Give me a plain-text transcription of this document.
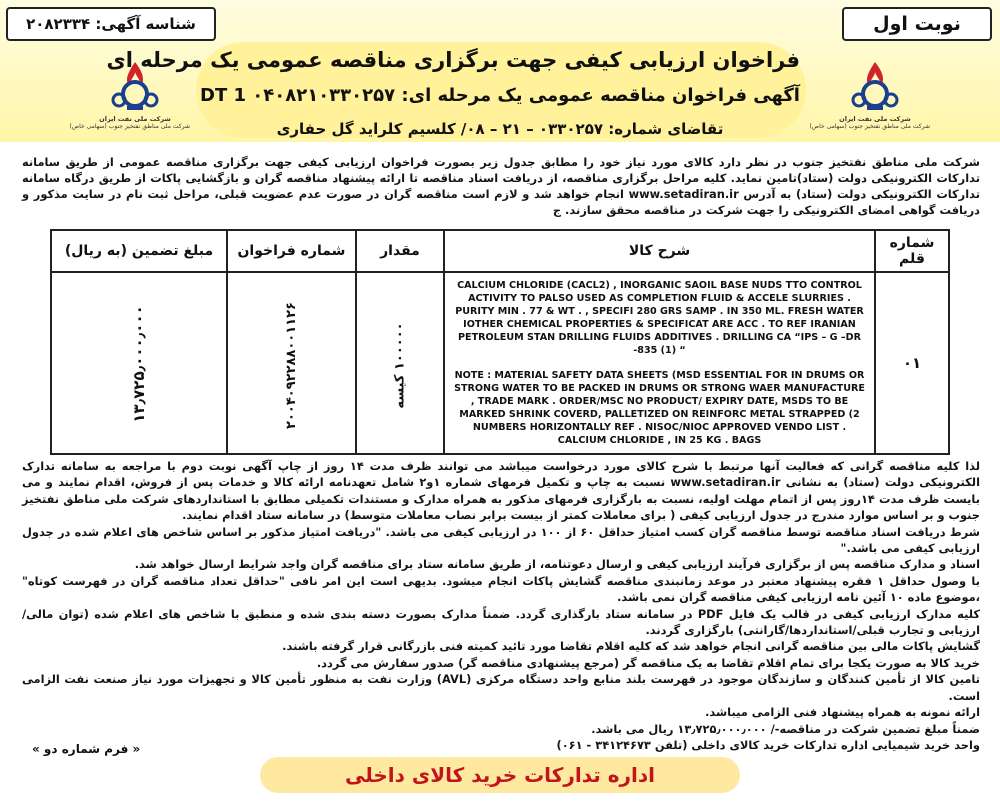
نوبت اول
شناسه آگهی: ۲۰۸۲۳۳۴
شرکت ملی نفت ایران
شرکت ملی مناطق نفتخیز جنوب (سهامی خاص)
شرکت ملی نفت ایران
شرکت ملی مناطق نفتخیز جنوب (سهامی خاص)
فراخوان ارزیابی کیفی جهت برگزاری مناقصه عمومی یک مرحله ای
آگهی فراخوان مناقصه عمومی یک مرحله ای: DT 1 ۰۴۰۸۲۱۰۳۳۰۲۵۷
تقاضای شماره: ۰۳۳۰۲۵۷ – ۲۱ – ۰۸/ کلسیم کلراید گل حفاری
شرکت ملی مناطق نفتخیز جنوب در نظر دارد کالای مورد نیاز خود را مطابق جدول زیر بصورت فراخوان ارزیابی کیفی جهت برگزاری مناقصه عمومی از طریق سامانه تدارکات الکترونیکی دولت (ستاد)تامین نماید. کلیه مراحل برگزاری مناقصه، از دریافت اسناد مناقصه تا ارائه پیشنهاد مناقصه گران و بازگشایی پاکات از طریق درگاه سامانه تدارکات الکترونیکی دولت (ستاد) به آدرس www.setadiran.ir انجام خواهد شد و لازم است مناقصه گران در صورت عدم عضویت قبلی، مراحل ثبت نام در سایت مذکور و دریافت گواهی امضای الکترونیکی را جهت شرکت در مناقصه محقق سازند. ج
شماره قلم	شرح کالا	مقدار	شماره فراخوان	مبلغ تضمین (به ریال)
۰۱	CALCIUM CHLORIDE (CACL2) , INORGANIC SAOIL BASE NUDS TTO CONTROL ACTIVITY TO PALSO USED AS COMPLETION FLUID & ACCELE SLURRIES . PURITY MIN . 77 & WT . , SPECIFI 280 GRS SAMP . IN 350 ML. FRESH WATER IOTHER CHEMICAL PROPERTIES & SPECIFICAT ARE ACC . TO REF IRANIAN PETROLEUM STAN DRILLING FLUIDS ADDITIVES . DRILLING CA “IPS – G –DR -835 (1) “

NOTE : MATERIAL SAFETY DATA SHEETS (MSD ESSENTIAL FOR IN DRUMS OR STRONG WATER TO BE PACKED IN DRUMS OR STRONG WAER MANUFACTURE , TRADE MARK . ORDER/MSC NO PRODUCT/ EXPIRY DATE, MSDS TO BE MARKED SHRINK COVERD, PALLETIZED ON REINFORC METAL STRAPPED (2 NUMBERS HORIZONTALLY REF . NISOC/NIOC APPROVED VENDO LIST . CALCIUM CHLORIDE , IN 25 KG . BAGS	۱۰۰۰۰۰ کیسه	۲۰۰۴۰۹۲۲۸۸۰۰۱۱۲۶	۱۳٫۷۲۵٫۰۰۰٫۰۰۰

لذا کلیه مناقصه گرانی که فعالیت آنها مرتبط با شرح کالای مورد درخواست میباشد می توانند ظرف مدت ۱۴ روز از چاپ آگهی نوبت دوم با مراجعه به سامانه تدارک الکترونیکی دولت (ستاد) به نشانی www.setadiran.ir نسبت به چاپ و تکمیل فرمهای شماره ۱و۲ شامل تعهدنامه ارائه کالا و خدمات پس از فروش، اقدام نمایند و می بایست ظرف مدت ۱۴روز پس از اتمام مهلت اولیه، نسبت به بارگزاری فرمهای مذکور به همراه مدارک و مستندات تکمیلی مطابق با استانداردهای شرکت ملی مناطق نفتخیز جنوب و بر اساس موارد مندرج در جدول ارزیابی کیفی ( برای معاملات کمتر از بیست برابر نصاب معاملات متوسط) در سامانه ستاد اقدام نمایند.

شرط دریافت اسناد مناقصه توسط مناقصه گران کسب امتیاز حداقل ۶۰ از ۱۰۰ در ارزیابی کیفی می باشد. "دریافت امتیاز مذکور بر اساس شاخص های اعلام شده در جدول ارزیابی کیفی می باشد."

اسناد و مدارک مناقصه پس از برگزاری فرآیند ارزیابی کیفی و ارسال دعوتنامه، از طریق سامانه ستاد برای مناقصه گران واجد شرایط ارسال خواهد شد.

با وصول حداقل ۱ فقره پیشنهاد معتبر در موعد زمانبندی مناقصه گشایش پاکات انجام میشود. بدیهی است این امر نافی "حداقل تعداد مناقصه گران در فهرست کوتاه" ،موضوع ماده ۱۰ آئین نامه ارزیابی کیفی مناقصه گران نمی باشد.

کلیه مدارک ارزیابی کیفی در قالب یک فایل PDF در سامانه ستاد بارگذاری گردد. ضمناً مدارک بصورت دسته بندی شده و منطبق با شاخص های اعلام شده (توان مالی/ارزیابی و تجارب قبلی/استانداردها/گارانتی) بارگزاری گردند.

گشایش پاکات مالی بین مناقصه گرانی انجام خواهد شد که کلیه اقلام تقاضا مورد تائید کمیته فنی بازرگانی قرار گرفته باشند.

خرید کالا به صورت یکجا برای تمام اقلام تقاضا به یک مناقصه گر (مرجع پیشنهادی مناقصه گر) صدور سفارش می گردد.

تامین کالا از تأمین کنندگان و سازندگان موجود در فهرست بلند منابع واحد دستگاه مرکزی (AVL) وزارت نفت به منظور تأمین کالا و تجهیزات مورد نیاز صنعت نفت الزامی است.

ارائه نمونه به همراه پیشنهاد فنی الزامی میباشد.

ضمناً مبلغ تضمین شرکت در مناقصه-/ ۱۳٫۷۲۵٫۰۰۰٫۰۰۰ ریال می باشد.

واحد خرید شیمیایی اداره تدارکات خرید کالای داخلی (تلفن ۳۴۱۲۴۶۷۳ - ۰۶۱)

« فرم شماره دو »
اداره تدارکات خرید کالای داخلی
